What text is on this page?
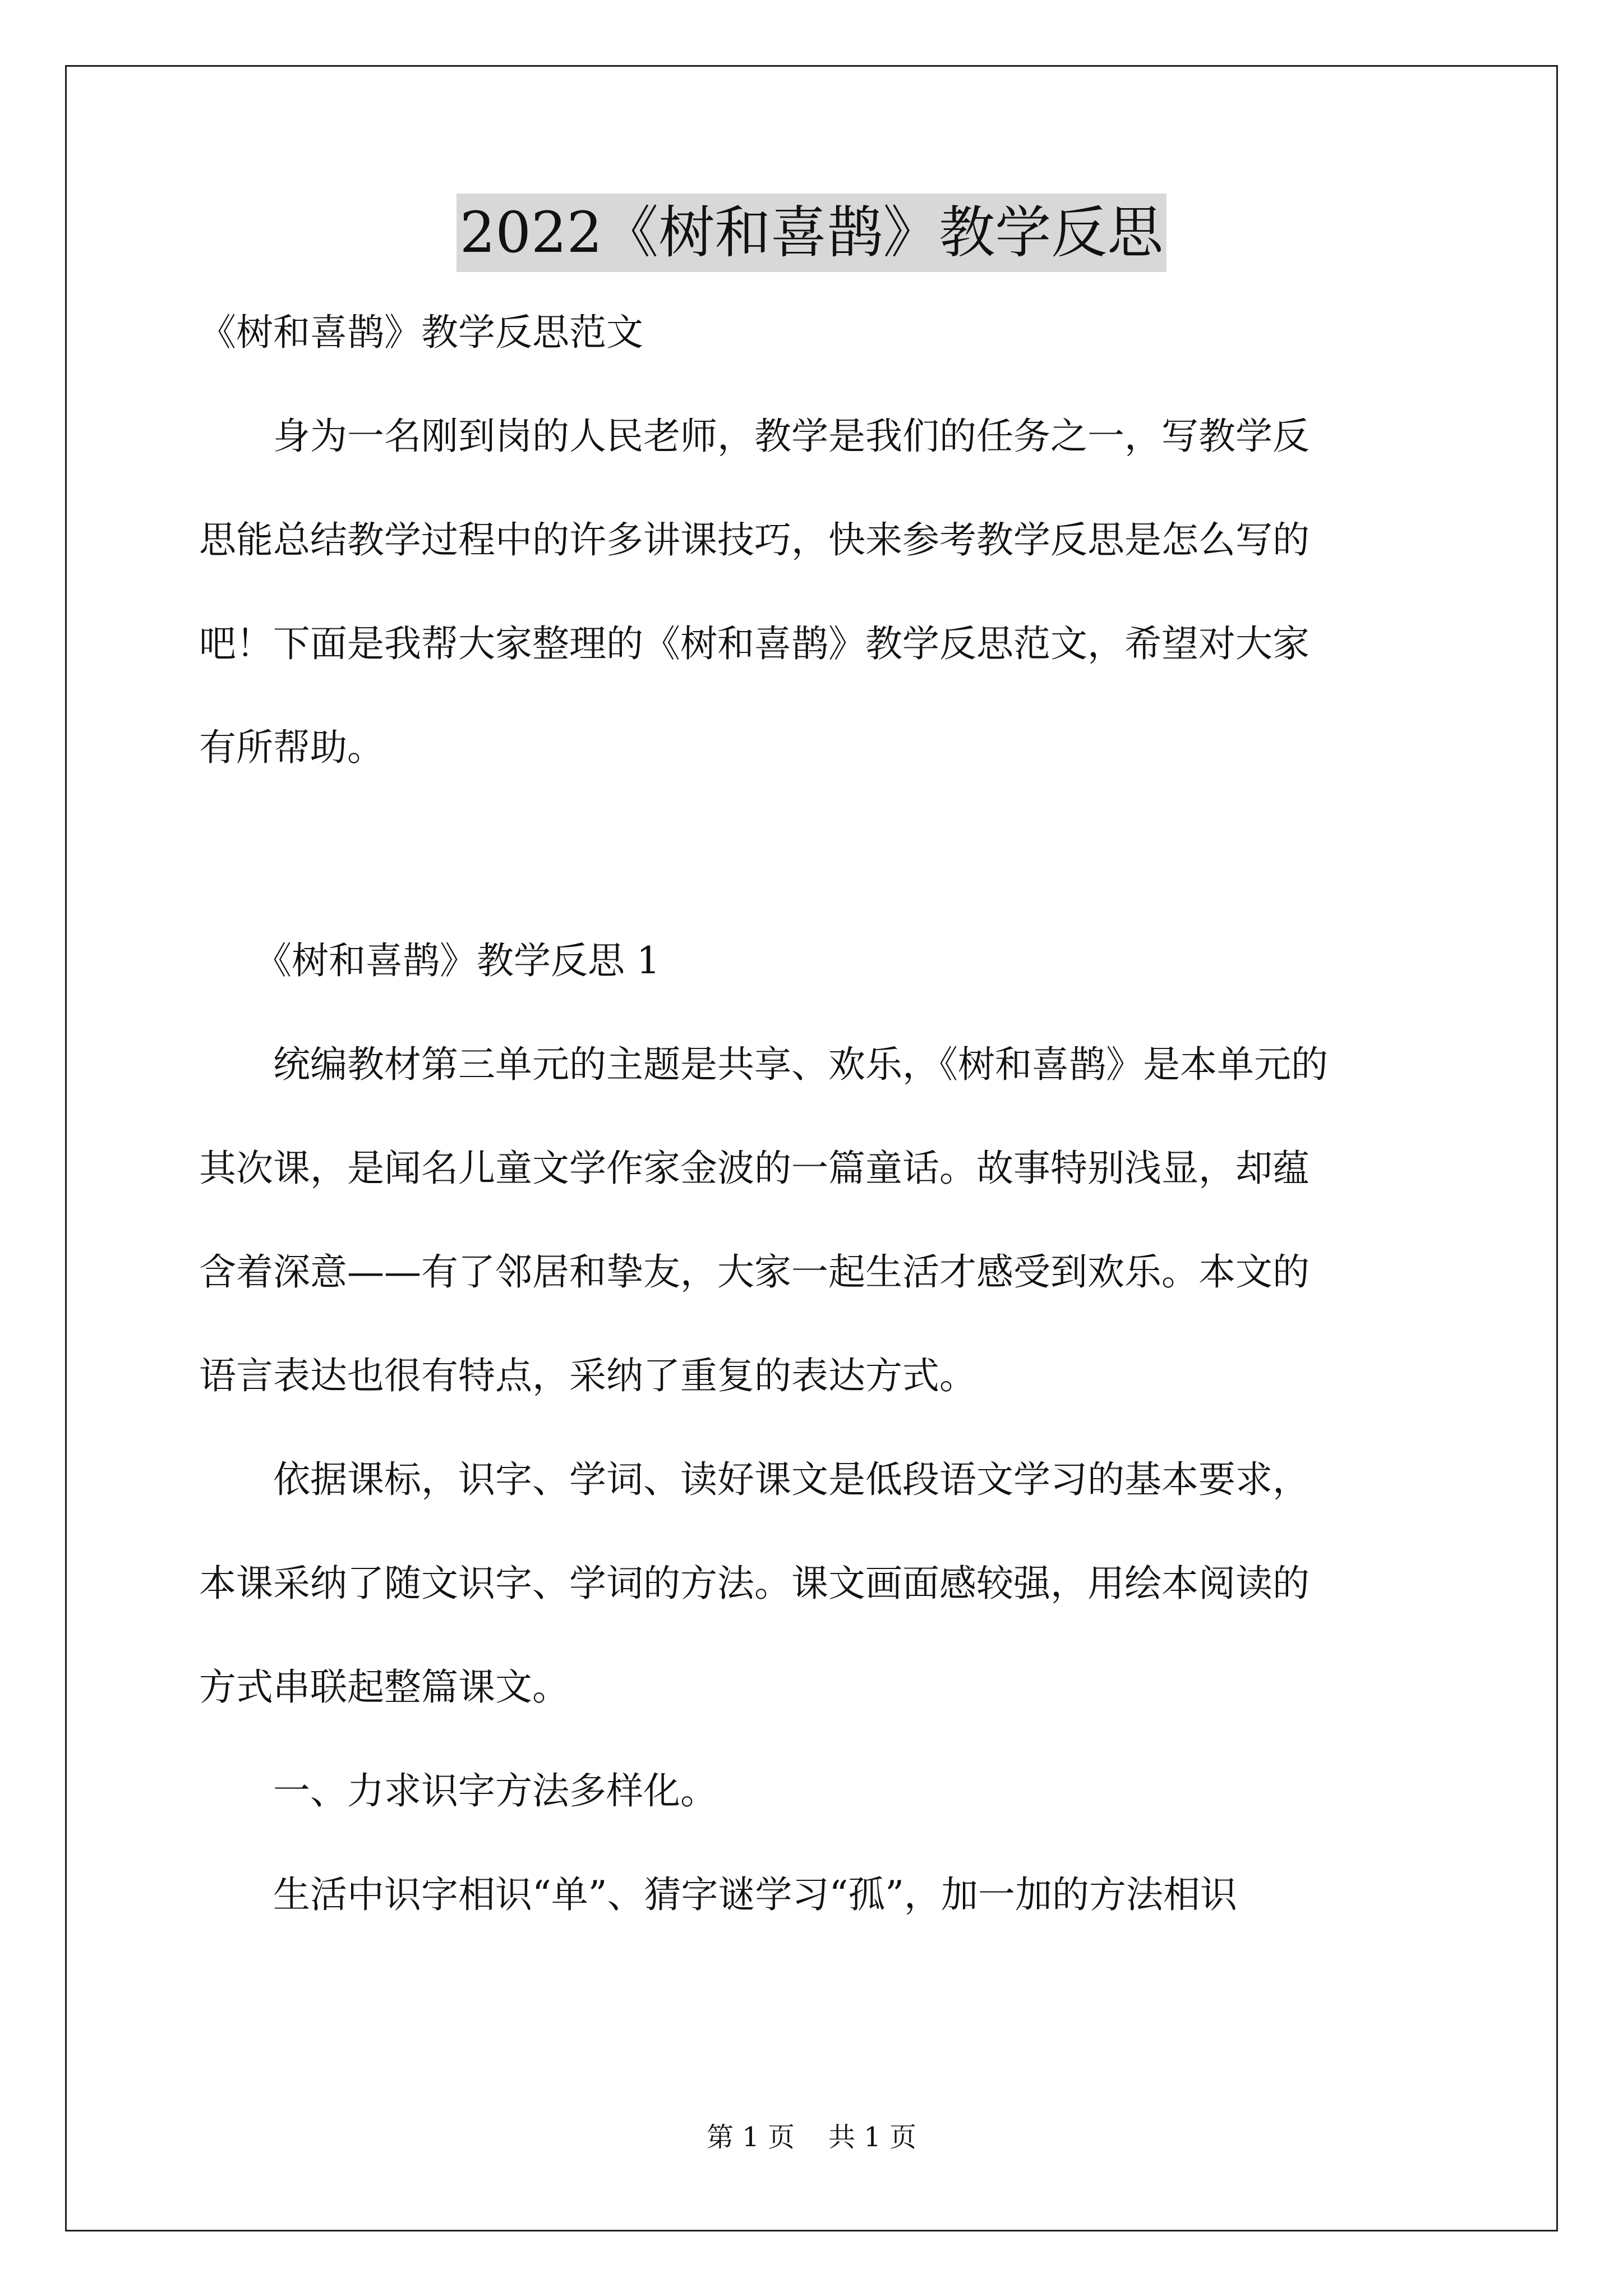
2022《树和喜鹊》教学反思

《树和喜鹊》教学反思范文

　　身为一名刚到岗的人民老师，教学是我们的任务之一，写教学反

思能总结教学过程中的许多讲课技巧，快来参考教学反思是怎么写的

吧！下面是我帮大家整理的《树和喜鹊》教学反思范文，希望对大家

有所帮助。

　　《树和喜鹊》教学反思 1

　　统编教材第三单元的主题是共享、欢乐，《树和喜鹊》是本单元的

其次课，是闻名儿童文学作家金波的一篇童话。故事特别浅显，却蕴

含着深意——有了邻居和挚友，大家一起生活才感受到欢乐。本文的

语言表达也很有特点，采纳了重复的表达方式。

　　依据课标，识字、学词、读好课文是低段语文学习的基本要求，

本课采纳了随文识字、学词的方法。课文画面感较强，用绘本阅读的

方式串联起整篇课文。

　　一、力求识字方法多样化。

　　生活中识字相识“单”、猜字谜学习“孤”，加一加的方法相识

第 1 页 共 1 页
